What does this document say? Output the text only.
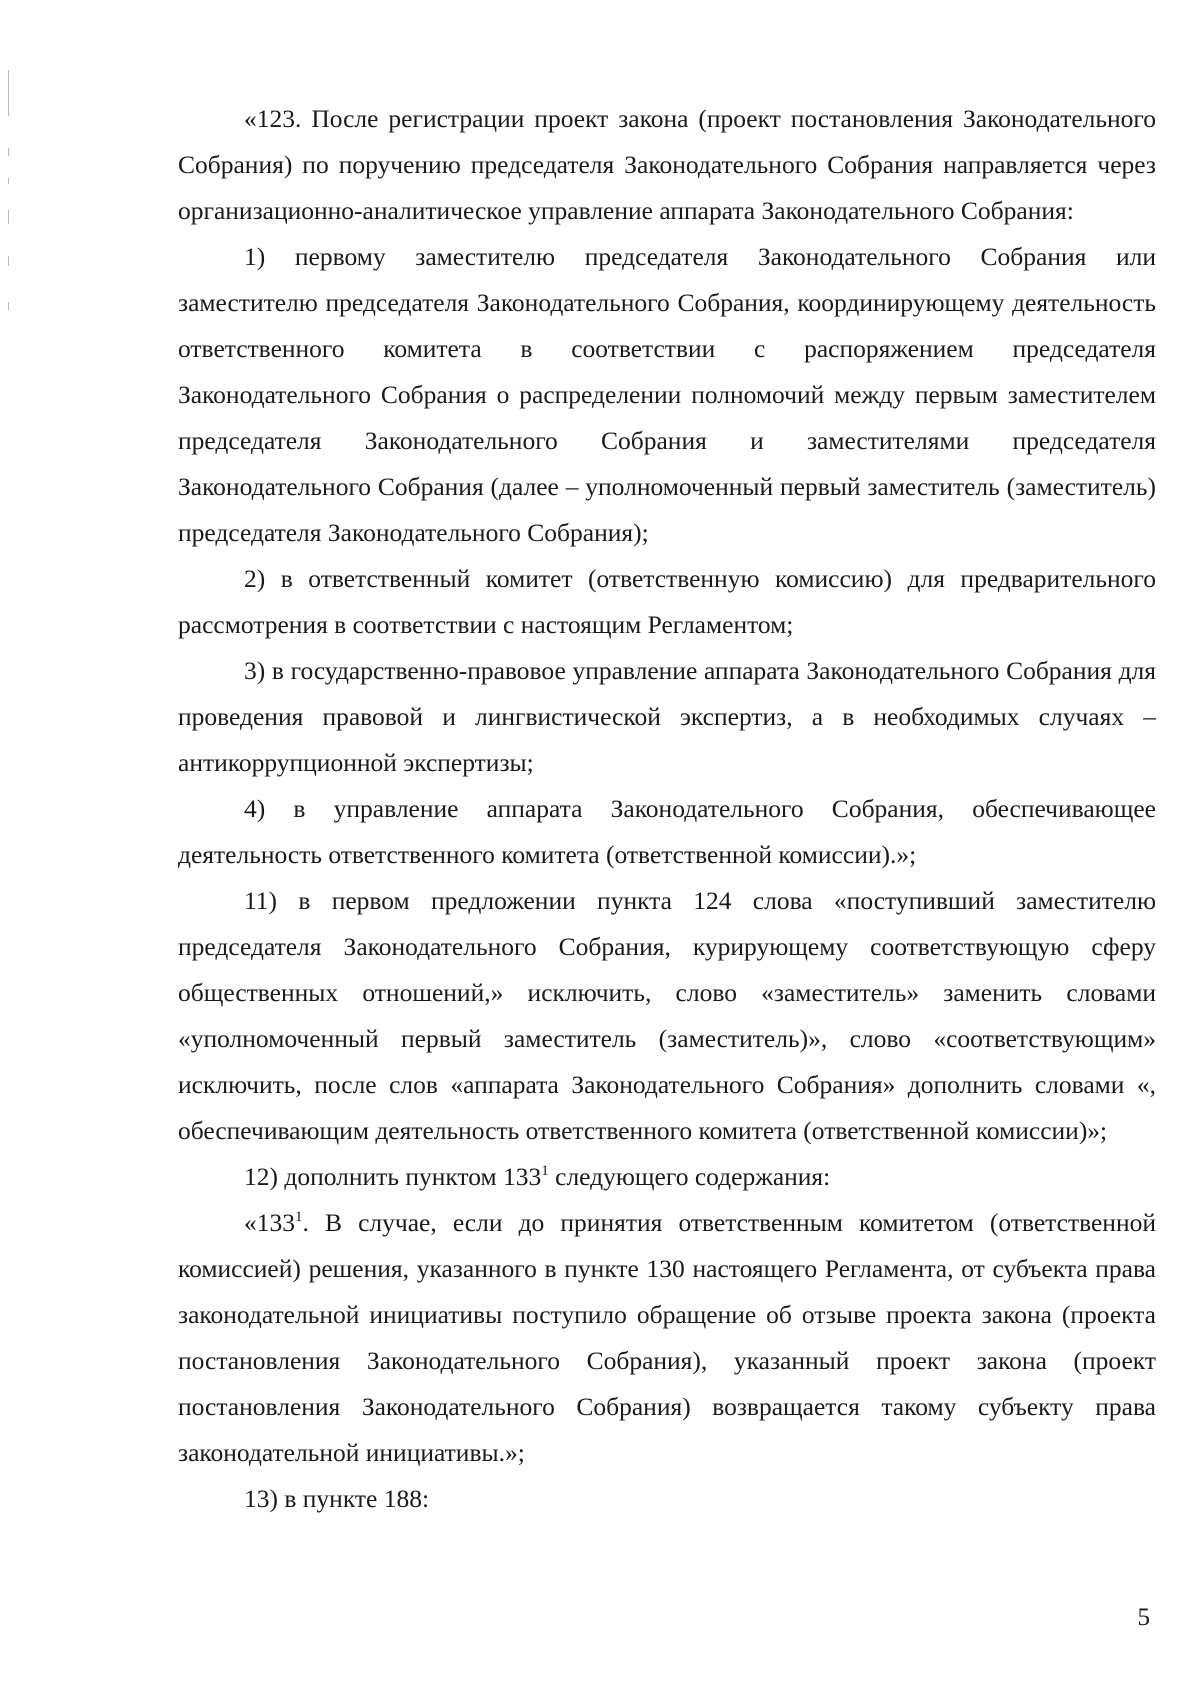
«123. После регистрации проект закона (проект постановления Законодательного Собрания) по поручению председателя Законодательного Собрания направляется через организационно-аналитическое управление аппарата Законодательного Собрания:

1) первому заместителю председателя Законодательного Собрания или заместителю председателя Законодательного Собрания, координирующему деятельность ответственного комитета в соответствии с распоряжением председателя Законодательного Собрания о распределении полномочий между первым заместителем председателя Законодательного Собрания и заместителями председателя Законодательного Собрания (далее – уполномоченный первый заместитель (заместитель) председателя Законодательного Собрания);

2) в ответственный комитет (ответственную комиссию) для предварительного рассмотрения в соответствии с настоящим Регламентом;

3) в государственно-правовое управление аппарата Законодательного Собрания для проведения правовой и лингвистической экспертиз, а в необходимых случаях – антикоррупционной экспертизы;

4) в управление аппарата Законодательного Собрания, обеспечивающее деятельность ответственного комитета (ответственной комиссии).»;

11) в первом предложении пункта 124 слова «поступивший заместителю председателя Законодательного Собрания, курирующему соответствующую сферу общественных отношений,» исключить, слово «заместитель» заменить словами «уполномоченный первый заместитель (заместитель)», слово «соответствующим» исключить, после слов «аппарата Законодательного Собрания» дополнить словами «, обеспечивающим деятельность ответственного комитета (ответственной комиссии)»;

12) дополнить пунктом $133^1$ следующего содержания:

«$133^1$. В случае, если до принятия ответственным комитетом (ответственной комиссией) решения, указанного в пункте 130 настоящего Регламента, от субъекта права законодательной инициативы поступило обращение об отзыве проекта закона (проекта постановления Законодательного Собрания), указанный проект закона (проект постановления Законодательного Собрания) возвращается такому субъекту права законодательной инициативы.»;

13) в пункте 188:

5
